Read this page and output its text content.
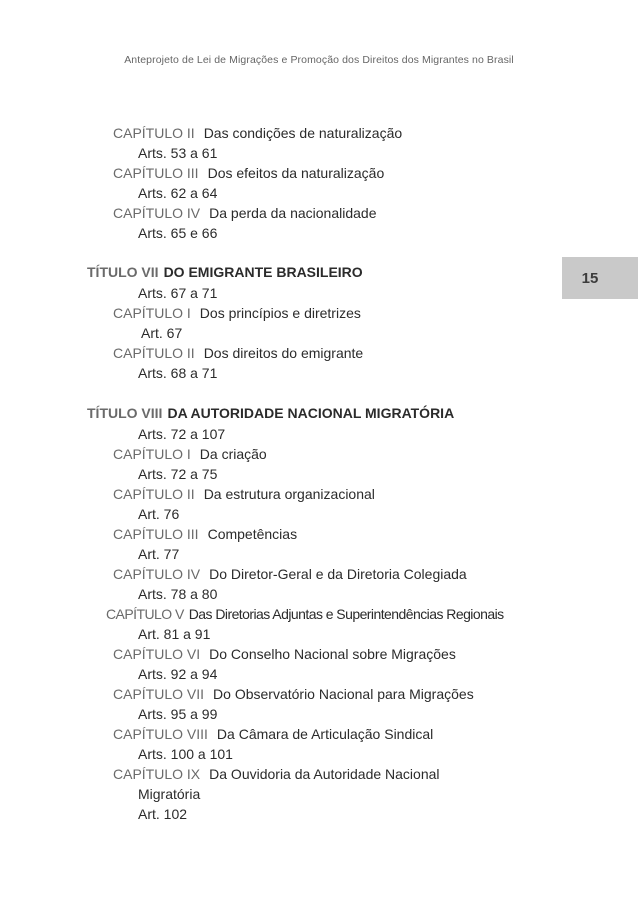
Anteprojeto de Lei de Migrações e Promoção dos Direitos dos Migrantes no Brasil
15
CAPÍTULO II Das condições de naturalização
Arts. 53 a 61
CAPÍTULO III Dos efeitos da naturalização
Arts. 62 a 64
CAPÍTULO IV Da perda da nacionalidade
Arts. 65 e 66
TÍTULO VII DO EMIGRANTE BRASILEIRO
Arts. 67 a 71
CAPÍTULO I Dos princípios e diretrizes
Art. 67
CAPÍTULO II Dos direitos do emigrante
Arts. 68 a 71
TÍTULO VIII DA AUTORIDADE NACIONAL MIGRATÓRIA
Arts. 72 a 107
CAPÍTULO I Da criação
Arts. 72 a 75
CAPÍTULO II Da estrutura organizacional
Art. 76
CAPÍTULO III Competências
Art. 77
CAPÍTULO IV Do Diretor-Geral e da Diretoria Colegiada
Arts. 78 a 80
CAPÍTULO V Das Diretorias Adjuntas e Superintendências Regionais
Art. 81 a 91
CAPÍTULO VI Do Conselho Nacional sobre Migrações
Arts. 92 a 94
CAPÍTULO VII Do Observatório Nacional para Migrações
Arts. 95 a 99
CAPÍTULO VIII Da Câmara de Articulação Sindical
Arts. 100 a 101
CAPÍTULO IX Da Ouvidoria da Autoridade Nacional
Migratória
Art. 102
